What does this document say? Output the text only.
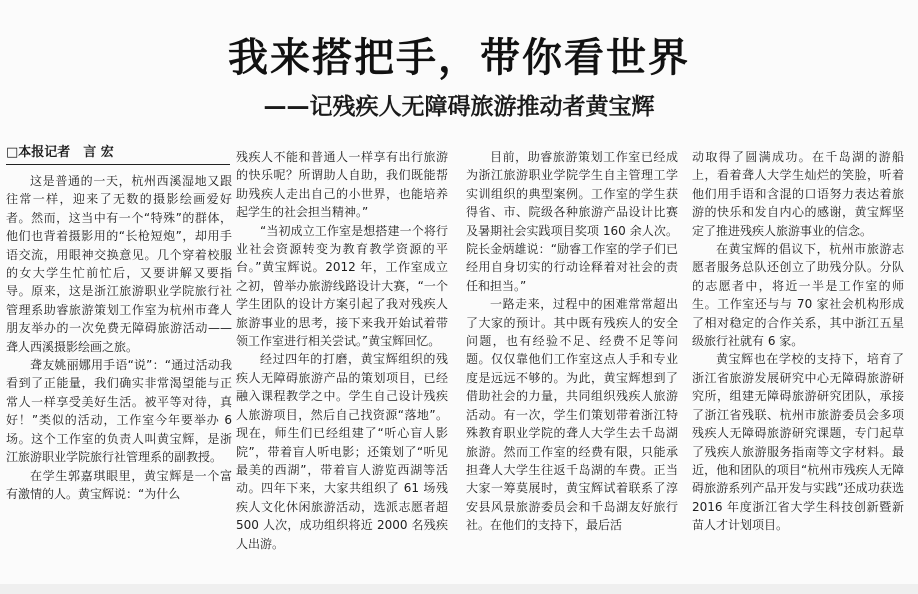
我来搭把手，带你看世界
——记残疾人无障碍旅游推动者黄宝辉
□本报记者　言 宏

这是普通的一天，杭州西溪湿地又跟往常一样，迎来了无数的摄影绘画爱好者。然而，这当中有一个“特殊”的群体，他们也背着摄影用的“长枪短炮”，却用手语交流，用眼神交换意见。几个穿着校服的女大学生忙前忙后，又要讲解又要指导。原来，这是浙江旅游职业学院旅行社管理系助睿旅游策划工作室为杭州市聋人朋友举办的一次免费无障碍旅游活动——聋人西溪摄影绘画之旅。

聋友姚丽娜用手语“说”：“通过活动我看到了正能量，我们确实非常渴望能与正常人一样享受美好生活。被平等对待，真好！”类似的活动，工作室今年要举办 6 场。这个工作室的负责人叫黄宝辉，是浙江旅游职业学院旅行社管理系的副教授。

在学生郭嘉琪眼里，黄宝辉是一个富有激情的人。黄宝辉说：“为什么

残疾人不能和普通人一样享有出行旅游的快乐呢？所谓助人自助，我们既能帮助残疾人走出自己的小世界，也能培养起学生的社会担当精神。”

“当初成立工作室是想搭建一个将行业社会资源转变为教育教学资源的平台。”黄宝辉说。2012 年，工作室成立之初，曾举办旅游线路设计大赛，“一个学生团队的设计方案引起了我对残疾人旅游事业的思考，接下来我开始试着带领工作室进行相关尝试。”黄宝辉回忆。

经过四年的打磨，黄宝辉组织的残疾人无障碍旅游产品的策划项目，已经融入课程教学之中。学生自己设计残疾人旅游项目，然后自己找资源“落地”。现在，师生们已经组建了“听心盲人影院”，带着盲人听电影；还策划了“听见最美的西湖”，带着盲人游览西湖等活动。四年下来，大家共组织了 61 场残疾人文化休闲旅游活动，选派志愿者超 500 人次，成功组织将近 2000 名残疾人出游。

目前，助睿旅游策划工作室已经成为浙江旅游职业学院学生自主管理工学实训组织的典型案例。工作室的学生获得省、市、院级各种旅游产品设计比赛及暑期社会实践项目奖项 160 余人次。院长金炳雄说：“励睿工作室的学子们已经用自身切实的行动诠释着对社会的责任和担当。”

一路走来，过程中的困难常常超出了大家的预计。其中既有残疾人的安全问题，也有经验不足、经费不足等问题。仅仅靠他们工作室这点人手和专业度是远远不够的。为此，黄宝辉想到了借助社会的力量，共同组织残疾人旅游活动。有一次，学生们策划带着浙江特殊教育职业学院的聋人大学生去千岛湖旅游。然而工作室的经费有限，只能承担聋人大学生往返千岛湖的车费。正当大家一筹莫展时，黄宝辉试着联系了淳安县风景旅游委员会和千岛湖友好旅行社。在他们的支持下，最后活

动取得了圆满成功。在千岛湖的游船上，看着聋人大学生灿烂的笑脸，听着他们用手语和含混的口语努力表达着旅游的快乐和发自内心的感谢，黄宝辉坚定了推进残疾人旅游事业的信念。

在黄宝辉的倡议下，杭州市旅游志愿者服务总队还创立了助残分队。分队的志愿者中，将近一半是工作室的师生。工作室还与与 70 家社会机构形成了相对稳定的合作关系，其中浙江五星级旅行社就有 6 家。

黄宝辉也在学校的支持下，培育了浙江省旅游发展研究中心无障碍旅游研究所，组建无障碍旅游研究团队，承接了浙江省残联、杭州市旅游委员会多项残疾人无障碍旅游研究课题，专门起草了残疾人旅游服务指南等文字材料。最近，他和团队的项目“杭州市残疾人无障碍旅游系列产品开发与实践”还成功获选 2016 年度浙江省大学生科技创新暨新苗人才计划项目。
